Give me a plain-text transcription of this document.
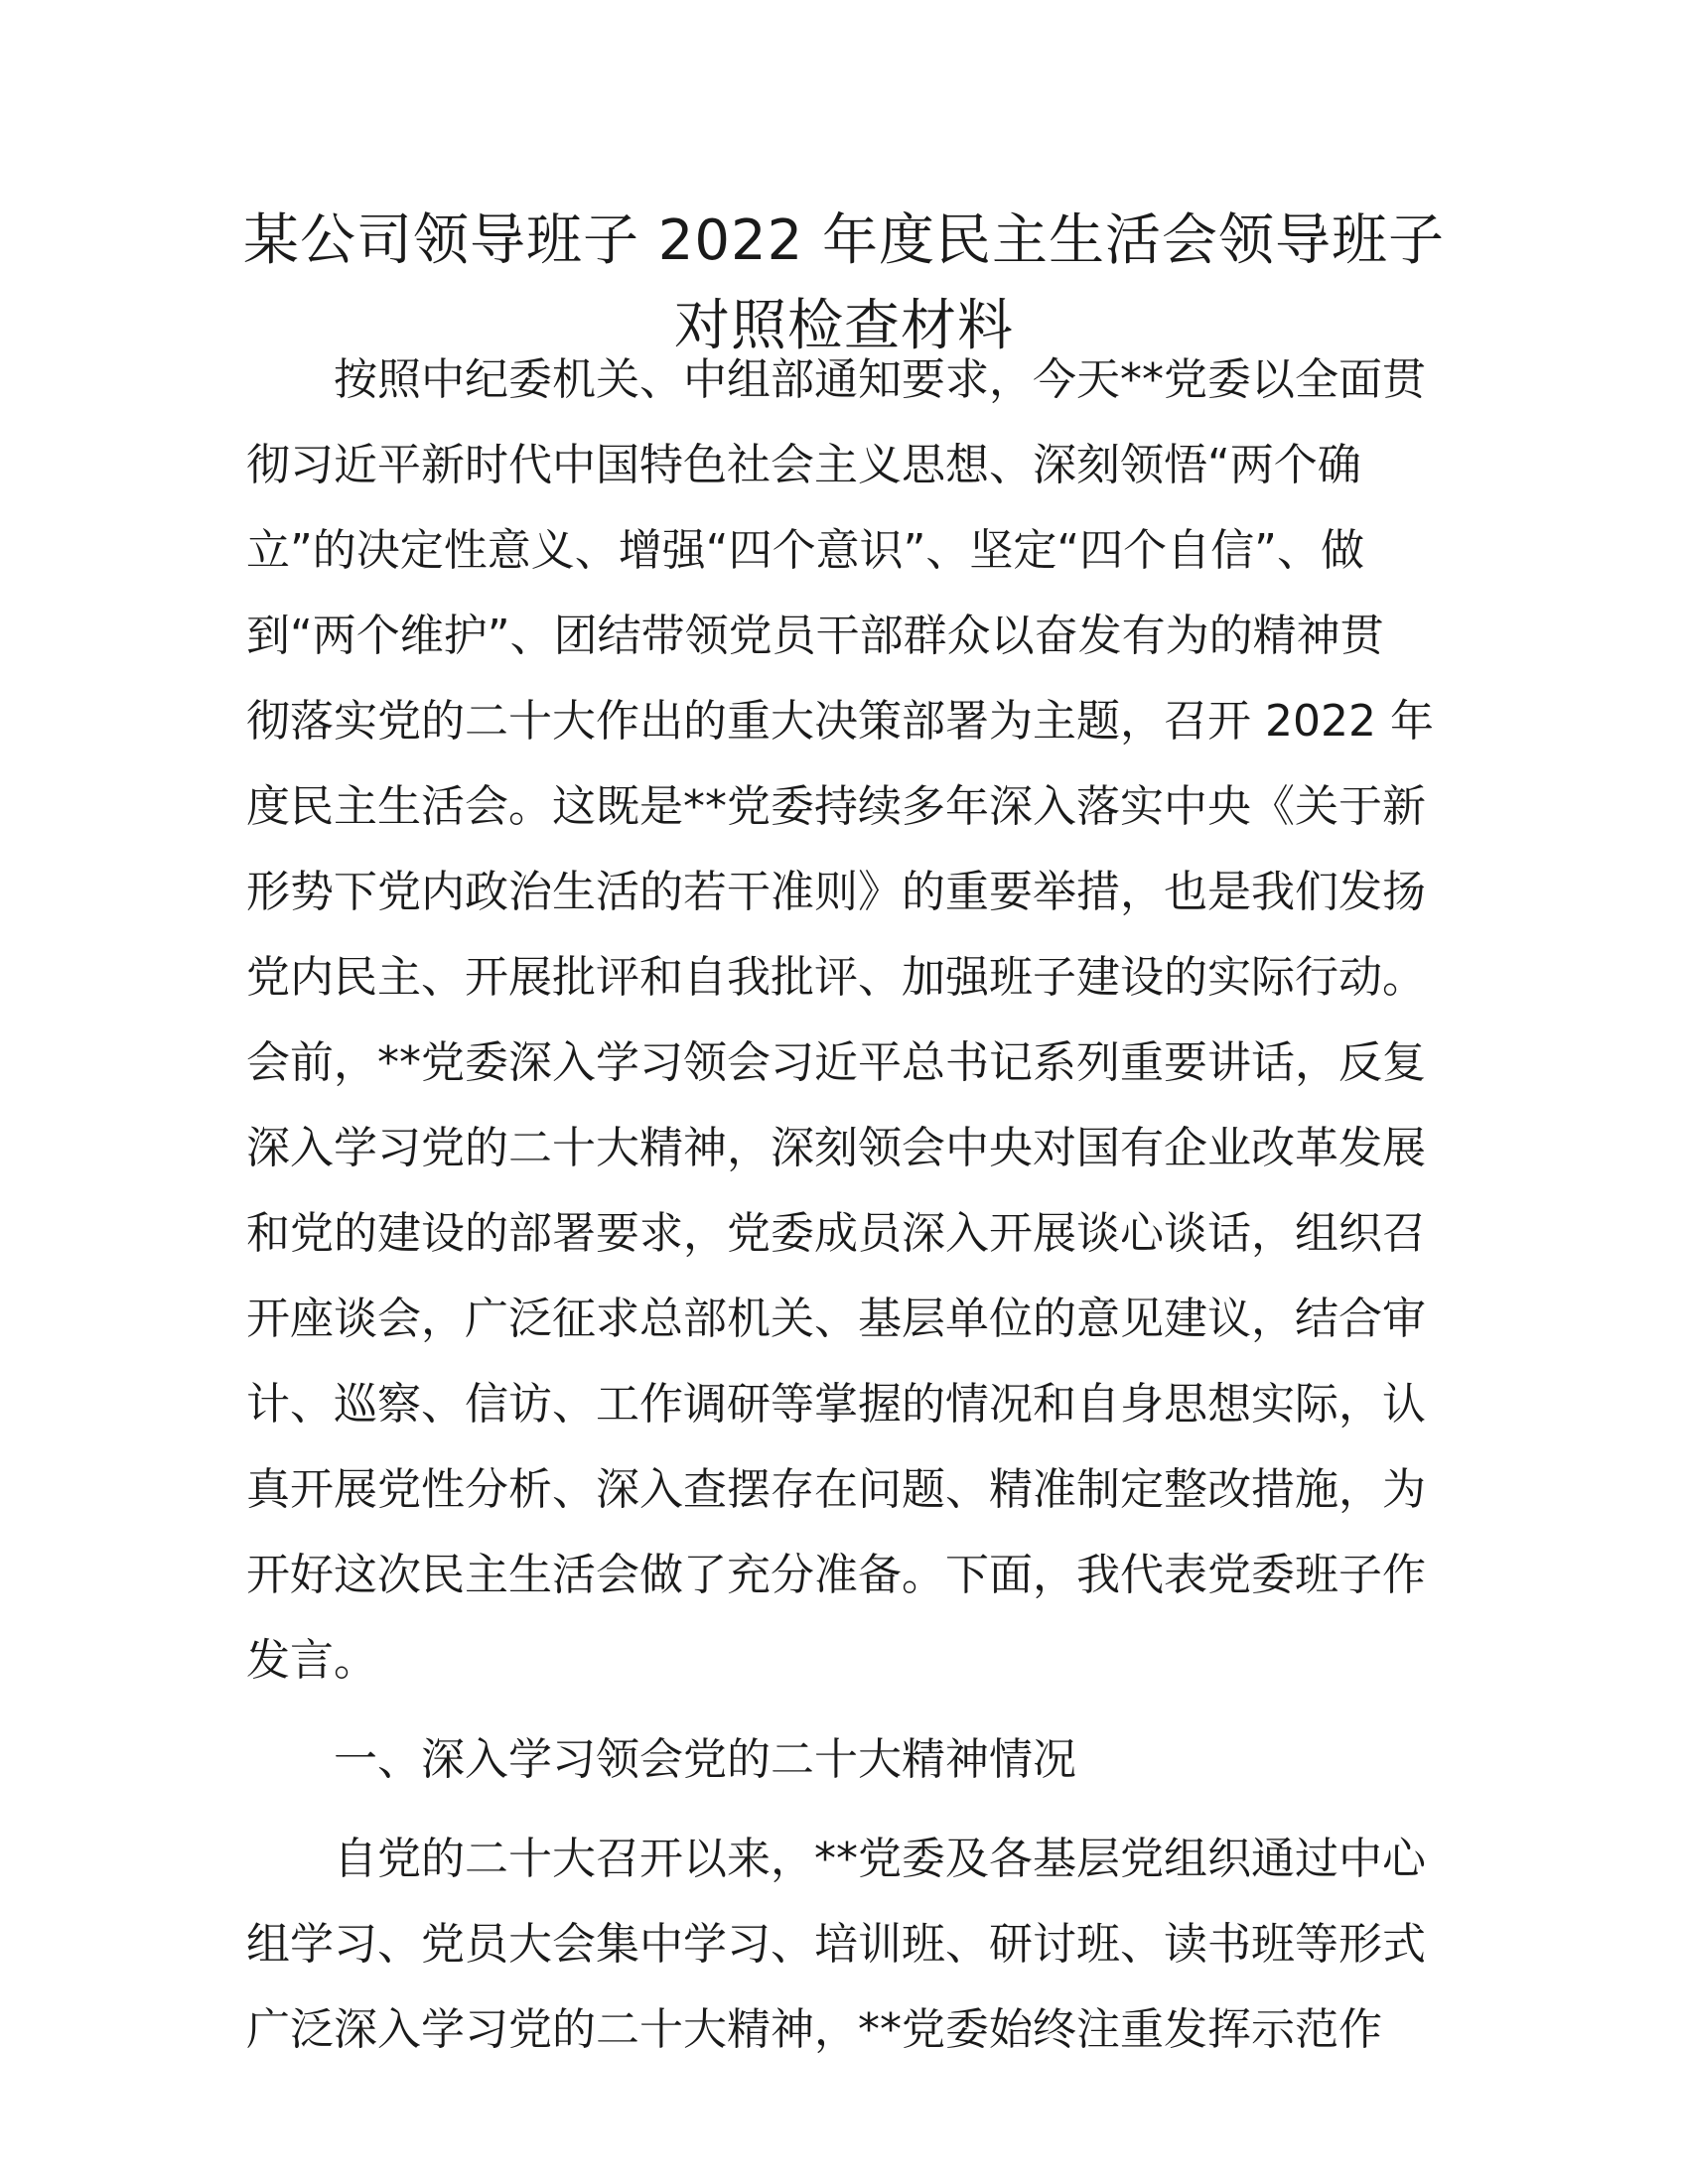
某公司领导班子 2022 年度民主生活会领导班子
对照检查材料
按照中纪委机关、中组部通知要求，今天**党委以全面贯
彻习近平新时代中国特色社会主义思想、深刻领悟“两个确
立”的决定性意义、增强“四个意识”、坚定“四个自信”、做
到“两个维护”、团结带领党员干部群众以奋发有为的精神贯
彻落实党的二十大作出的重大决策部署为主题，召开 2022 年
度民主生活会。这既是**党委持续多年深入落实中央《关于新
形势下党内政治生活的若干准则》的重要举措，也是我们发扬
党内民主、开展批评和自我批评、加强班子建设的实际行动。
会前，**党委深入学习领会习近平总书记系列重要讲话，反复
深入学习党的二十大精神，深刻领会中央对国有企业改革发展
和党的建设的部署要求，党委成员深入开展谈心谈话，组织召
开座谈会，广泛征求总部机关、基层单位的意见建议，结合审
计、巡察、信访、工作调研等掌握的情况和自身思想实际，认
真开展党性分析、深入查摆存在问题、精准制定整改措施，为
开好这次民主生活会做了充分准备。下面，我代表党委班子作
发言。
一、深入学习领会党的二十大精神情况
自党的二十大召开以来，**党委及各基层党组织通过中心
组学习、党员大会集中学习、培训班、研讨班、读书班等形式
广泛深入学习党的二十大精神，**党委始终注重发挥示范作
